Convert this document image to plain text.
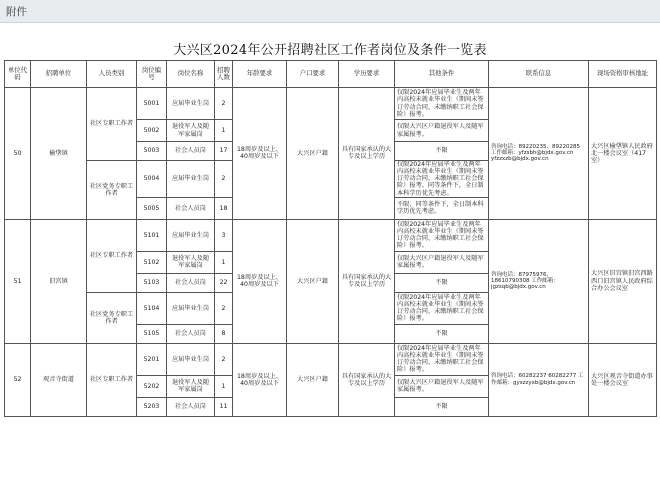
附件
大兴区2024年公开招聘社区工作者岗位及条件一览表
单位代码	招聘单位	人员类别	岗位编号	岗位名称	招聘人数	年龄要求	户口要求	学历要求	其他条件	联系信息	现场资格审核地址
50	榆垡镇	社区专职工作者	5001	应届毕业生岗	2	18周岁及以上、40周岁及以下	大兴区户籍	具有国家承认的大专及以上学历	仅限2024年应届毕业生及两年内高校未就业毕业生（期间未签订劳动合同、未缴纳职工社会保险）报考。	咨询电话：89220235、89220285 工作邮箱：yfzsbh@bjdx.gov.cn yfzzxzb@bjdx.gov.cn	大兴区榆垡镇人民政府北一楼会议室（417室）
			5002	退役军人及随军家属岗	1				仅限大兴区户籍退役军人及随军家属报考。		
			5003	社会人员岗	17				不限		
		社区党务专职工作者	5004	应届毕业生岗	2				仅限2024年应届毕业生及两年内高校未就业毕业生（期间未签订劳动合同、未缴纳职工社会保险）报考。同等条件下，全日制本科学历优先考虑。		
			5005	社会人员岗	18				不限，同等条件下，全日制本科学历优先考虑。		
51	旧宫镇	社区专职工作者	5101	应届毕业生岗	3	18周岁及以上、40周岁及以下	大兴区户籍	具有国家承认的大专及以上学历	仅限2024年应届毕业生及两年内高校未就业毕业生（期间未签订劳动合同、未缴纳职工社会保险）报考。	咨询电话：87975976、18610790308 工作邮箱：jgzsqb@bjdx.gov.cn	大兴区旧宫镇旧宫西路西口旧宫镇人民政府综合办公会议室
			5102	退役军人及随军家属岗	1				仅限大兴区户籍退役军人及随军家属报考。		
			5103	社会人员岗	22				不限		
		社区党务专职工作者	5104	应届毕业生岗	2				仅限2024年应届毕业生及两年内高校未就业毕业生（期间未签订劳动合同、未缴纳职工社会保险）报考。		
			5105	社会人员岗	8				不限		
52	观音寺街道	社区专职工作者	5201	应届毕业生岗	2	18周岁及以上、40周岁及以下	大兴区户籍	具有国家承认的大专及以上学历	仅限2024年应届毕业生及两年内高校未就业毕业生（期间未签订劳动合同、未缴纳职工社会保险）报考。	咨询电话：60282237 60282277 工作邮箱：gyszzyxb@bjdx.gov.cn	大兴区观音寺街道办事处一楼会议室
			5202	退役军人及随军家属岗	1				仅限大兴区户籍退役军人及随军家属报考。		
			5203	社会人员岗	11				不限		
